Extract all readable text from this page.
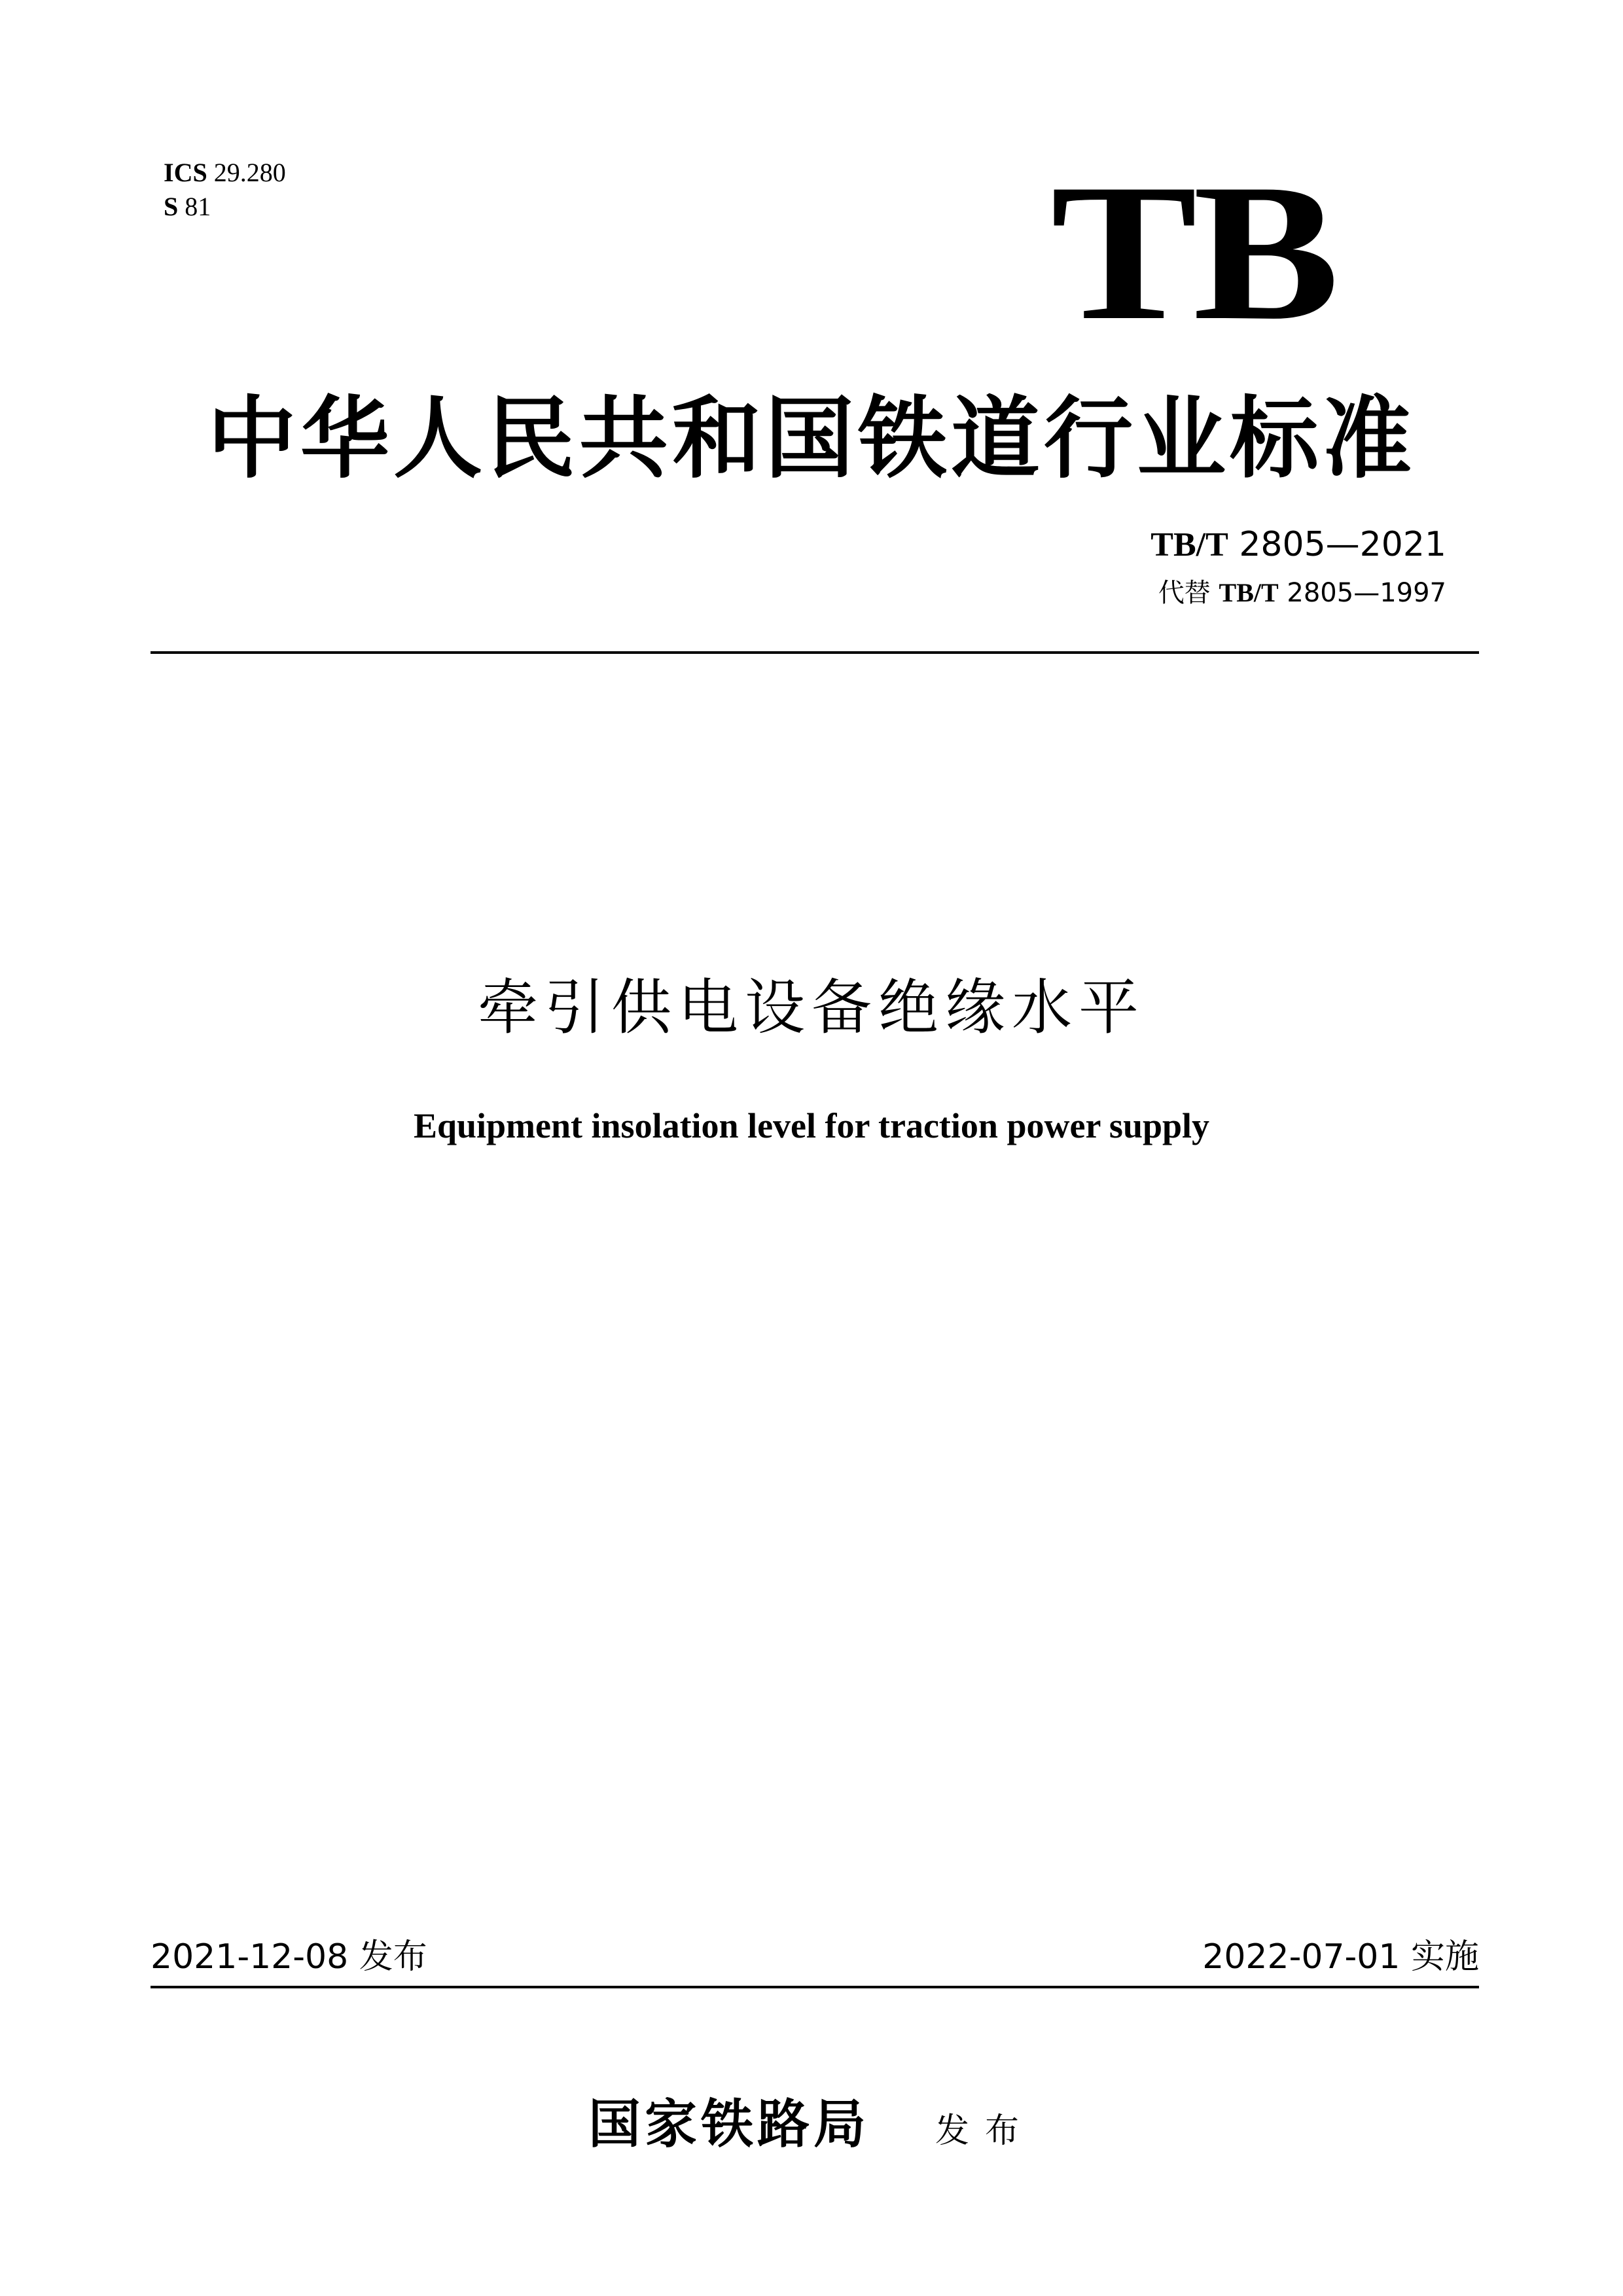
ICS 29.280
S 81	TB
中华人民共和国铁道行业标准
TB/T 2805—2021
代替 TB/T 2805—1997
牵引供电设备绝缘水平
Equipment insolation level for traction power supply
2021-12-08 发布	2022-07-01 实施
国家铁路局 发布
